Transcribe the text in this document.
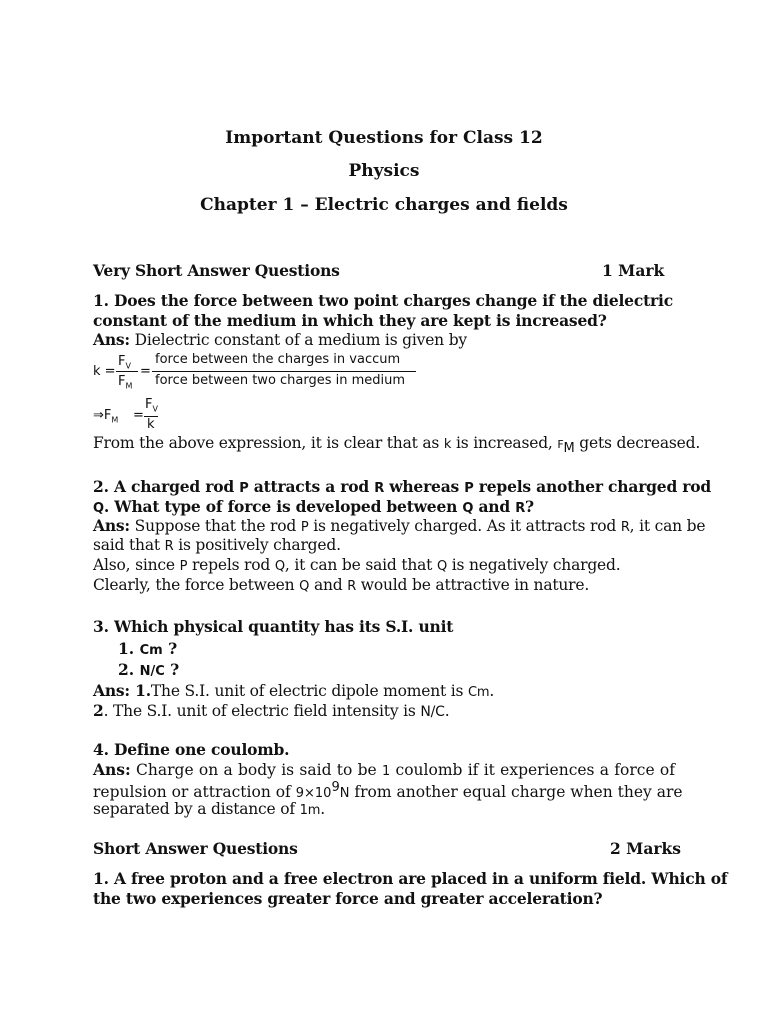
Important Questions for Class 12
Physics
Chapter 1 – Electric charges and fields
Very Short Answer Questions	1 Mark
1. Does the force between two point charges change if the dielectric
constant of the medium in which they are kept is increased?
Ans: Dielectric constant of a medium is given by
k =
$F_V$
$F_M$
=
force between the charges in vaccum
force between two charges in medium
$\Rightarrow F_M$ =
$F_V$
k
From the above expression, it is clear that as k is increased, $F_M$ gets decreased.
2. A charged rod P attracts a rod R whereas P repels another charged rod
Q. What type of force is developed between Q and R?
Ans: Suppose that the rod P is negatively charged. As it attracts rod R, it can be
said that R is positively charged.
Also, since P repels rod Q, it can be said that Q is negatively charged.
Clearly, the force between Q and R would be attractive in nature.
3. Which physical quantity has its S.I. unit
1. Cm ?
2. N/C ?
Ans: 1.The S.I. unit of electric dipole moment is Cm.
2. The S.I. unit of electric field intensity is N/C.
4. Define one coulomb.
Ans: Charge on a body is said to be 1 coulomb if it experiences a force of
repulsion or attraction of $9\times 10^9N$ from another equal charge when they are
separated by a distance of 1m.
Short Answer Questions	2 Marks
1. A free proton and a free electron are placed in a uniform field. Which of
the two experiences greater force and greater acceleration?
